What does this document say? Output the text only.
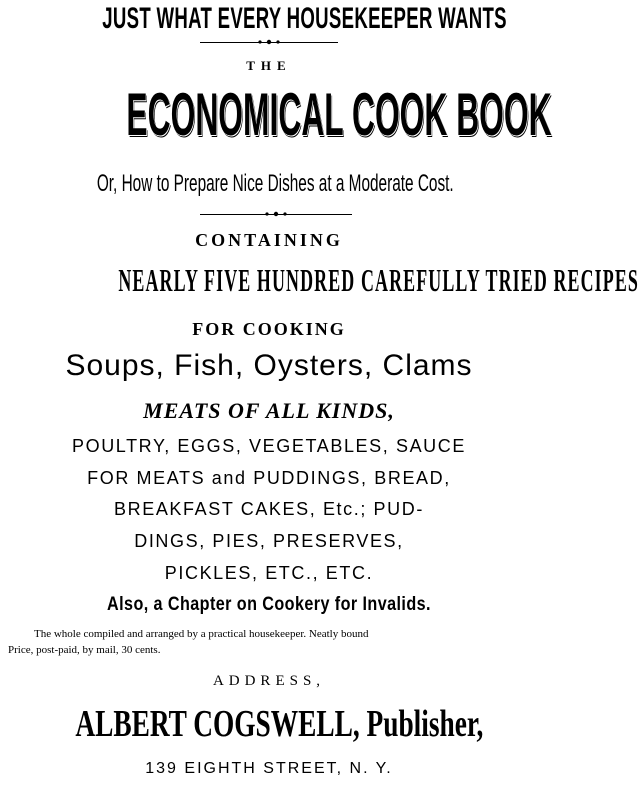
JUST WHAT EVERY HOUSEKEEPER WANTS
THE
ECONOMICAL COOK BOOK
Or, How to Prepare Nice Dishes at a Moderate Cost.
CONTAINING
NEARLY FIVE HUNDRED CAREFULLY TRIED RECIPES
FOR COOKING
Soups, Fish, Oysters, Clams
MEATS OF ALL KINDS,
POULTRY, EGGS, VEGETABLES, SAUCE
FOR MEATS and PUDDINGS, BREAD,
BREAKFAST CAKES, Etc.; PUD-
DINGS, PIES, PRESERVES,
PICKLES, ETC., ETC.
Also, a Chapter on Cookery for Invalids.
The whole compiled and arranged by a practical housekeeper. Neatly bound
Price, post-paid, by mail, 30 cents.
ADDRESS,
ALBERT COGSWELL, Publisher,
139 EIGHTH STREET, N. Y.
